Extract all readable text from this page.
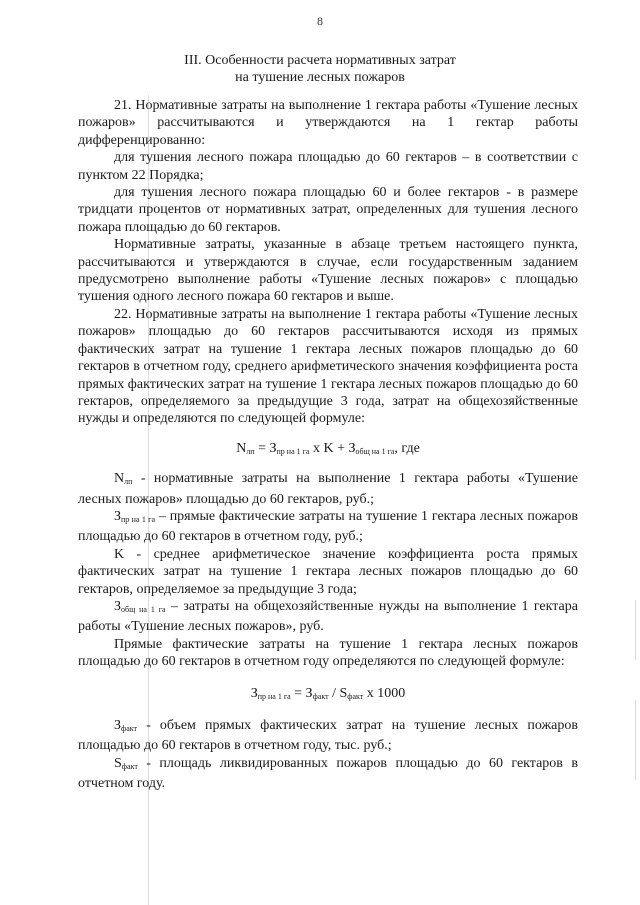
8
III. Особенности расчета нормативных затрат
на тушение лесных пожаров

21. Нормативные затраты на выполнение 1 гектара работы «Тушение лесных пожаров» рассчитываются и утверждаются на 1 гектар работы дифференцированно:

для тушения лесного пожара площадью до 60 гектаров – в соответствии с пунктом 22 Порядка;

для тушения лесного пожара площадью 60 и более гектаров - в размере тридцати процентов от нормативных затрат, определенных для тушения лесного пожара площадью до 60 гектаров.

Нормативные затраты, указанные в абзаце третьем настоящего пункта, рассчитываются и утверждаются в случае, если государственным заданием предусмотрено выполнение работы «Тушение лесных пожаров» с площадью тушения одного лесного пожара 60 гектаров и выше.

22. Нормативные затраты на выполнение 1 гектара работы «Тушение лесных пожаров» площадью до 60 гектаров рассчитываются исходя из прямых фактических затрат на тушение 1 гектара лесных пожаров площадью до 60 гектаров в отчетном году, среднего арифметического значения коэффициента роста прямых фактических затрат на тушение 1 гектара лесных пожаров площадью до 60 гектаров, определяемого за предыдущие 3 года, затрат на общехозяйственные нужды и определяются по следующей формуле:

$N_{лп} = З_{пр на 1 га}$ x $K + З_{общ на 1 га}$, где

$N_{лп}$ - нормативные затраты на выполнение 1 гектара работы «Тушение лесных пожаров» площадью до 60 гектаров, руб.;

$З_{пр на 1 га}$ – прямые фактические затраты на тушение 1 гектара лесных пожаров площадью до 60 гектаров в отчетном году, руб.;

K - среднее арифметическое значение коэффициента роста прямых фактических затрат на тушение 1 гектара лесных пожаров площадью до 60 гектаров, определяемое за предыдущие 3 года;

$З_{общ на 1 га}$ – затраты на общехозяйственные нужды на выполнение 1 гектара работы «Тушение лесных пожаров», руб.

Прямые фактические затраты на тушение 1 гектара лесных пожаров площадью до 60 гектаров в отчетном году определяются по следующей формуле:

$З_{пр на 1 га} = З_{факт} / S_{факт}$ x 1000

$З_{факт}$ - объем прямых фактических затрат на тушение лесных пожаров площадью до 60 гектаров в отчетном году, тыс. руб.;

$S_{факт}$ - площадь ликвидированных пожаров площадью до 60 гектаров в отчетном году.
